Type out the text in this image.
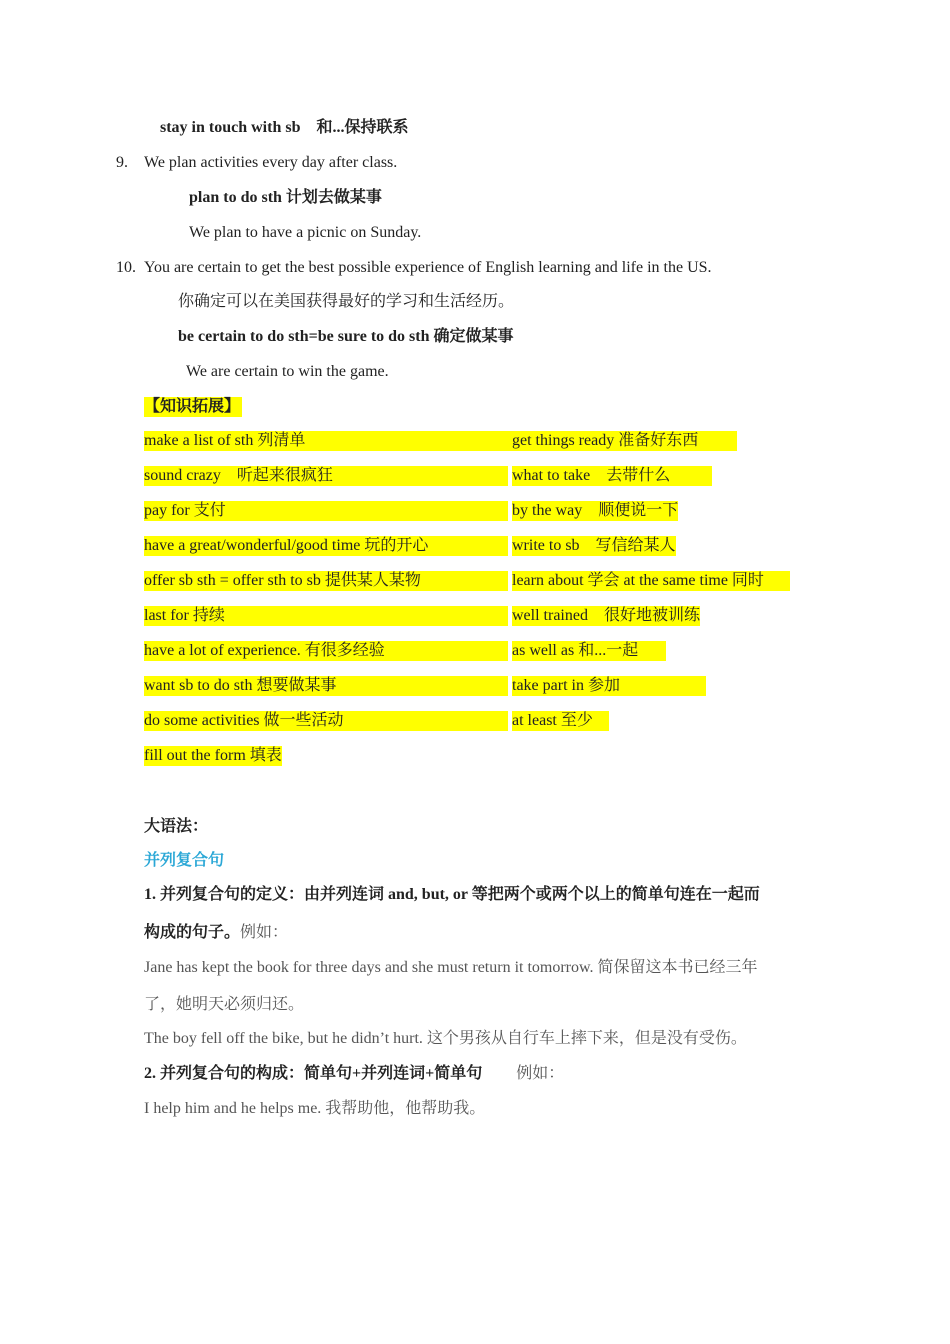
stay in touch with sb　和...保持联系
9. We plan activities every day after class.
plan to do sth 计划去做某事
We plan to have a picnic on Sunday.
10. You are certain to get the best possible experience of English learning and life in the US.
你确定可以在美国获得最好的学习和生活经历。
be certain to do sth=be sure to do sth 确定做某事
We are certain to win the game.
【知识拓展】
make a list of sth 列清单
sound crazy　听起来很疯狂
pay for 支付
have a great/wonderful/good time 玩的开心
offer sb sth = offer sth to sb 提供某人某物
last for 持续
have a lot of experience. 有很多经验
want sb to do sth 想要做某事
do some activities 做一些活动
fill out the form 填表
get things ready 准备好东西
what to take　去带什么
by the way　顺便说一下
write to sb　写信给某人
learn about 学会 at the same time 同时
well trained　很好地被训练
as well as 和...一起
take part in 参加
at least 至少
大语法：
并列复合句
1. 并列复合句的定义：由并列连词 and, but, or 等把两个或两个以上的简单句连在一起而
构成的句子。例如：
Jane has kept the book for three days and she must return it tomorrow. 简保留这本书已经三年
了，她明天必须归还。
The boy fell off the bike, but he didn’t hurt. 这个男孩从自行车上摔下来，但是没有受伤。
2. 并列复合句的构成：简单句+并列连词+简单句 例如：
I help him and he helps me. 我帮助他，他帮助我。
